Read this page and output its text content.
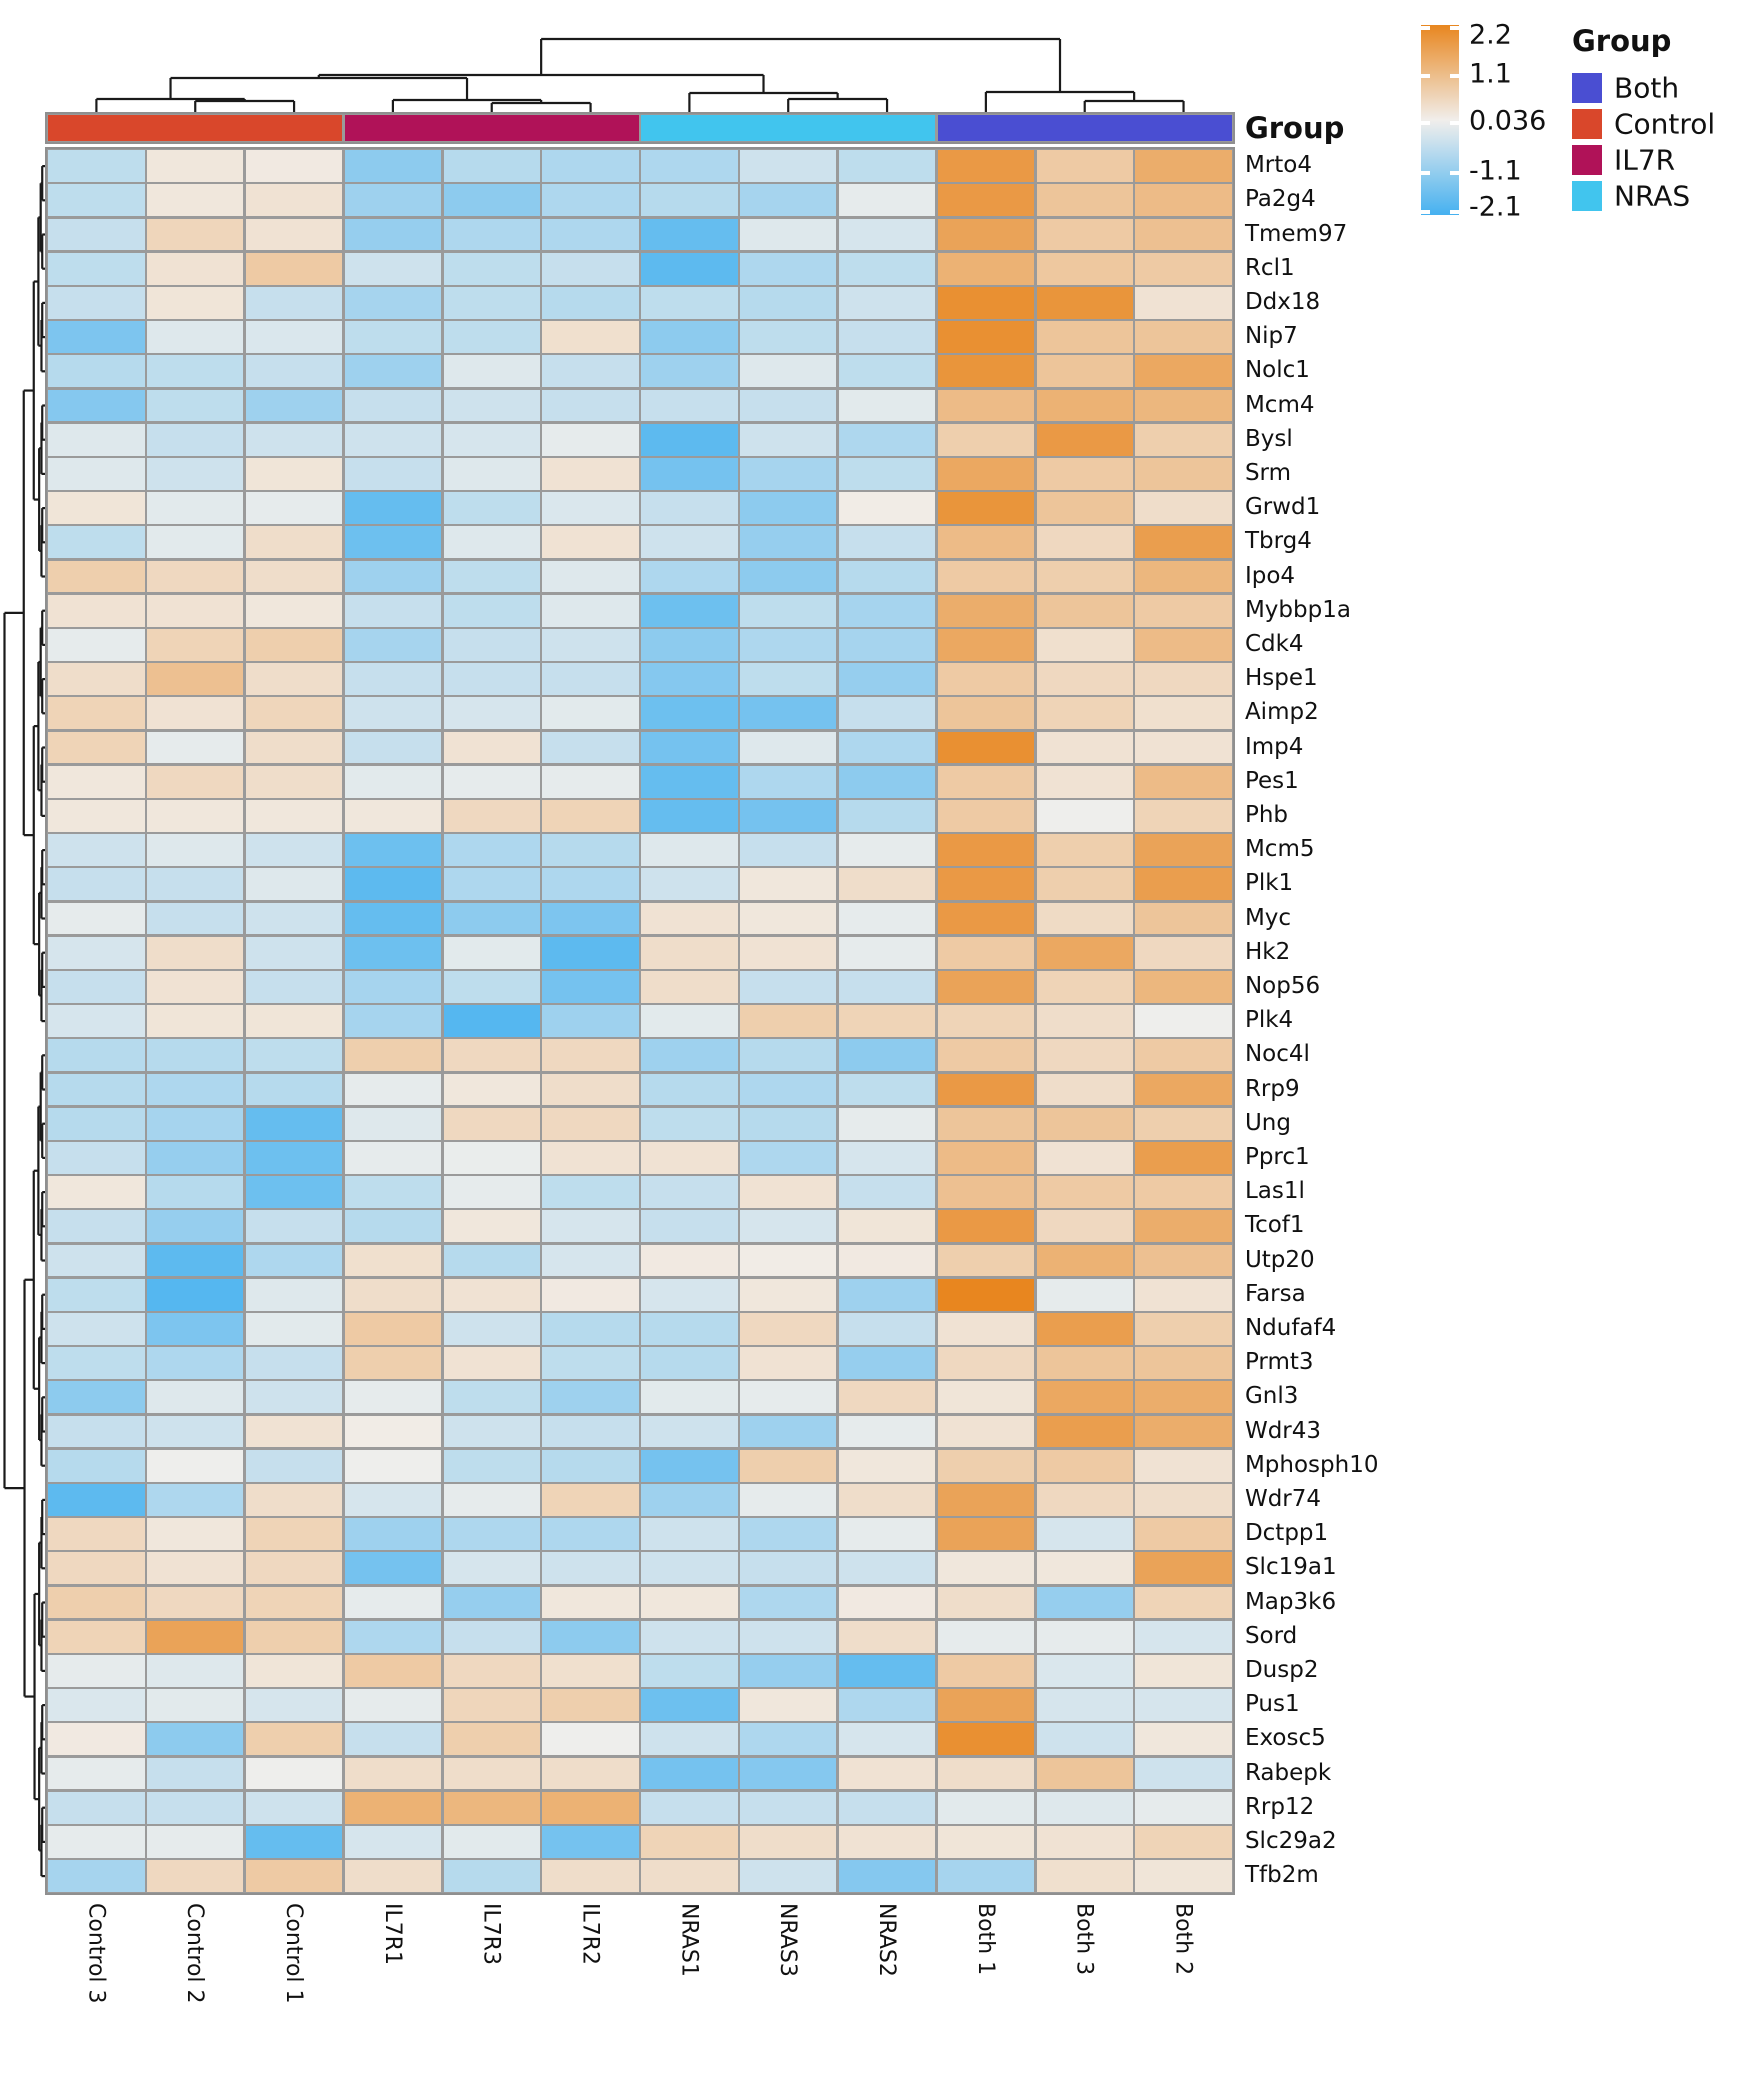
Group
Mrto4
Pa2g4
Tmem97
Rcl1
Ddx18
Nip7
Nolc1
Mcm4
Bysl
Srm
Grwd1
Tbrg4
Ipo4
Mybbp1a
Cdk4
Hspe1
Aimp2
Imp4
Pes1
Phb
Mcm5
Plk1
Myc
Hk2
Nop56
Plk4
Noc4l
Rrp9
Ung
Pprc1
Las1l
Tcof1
Utp20
Farsa
Ndufaf4
Prmt3
Gnl3
Wdr43
Mphosph10
Wdr74
Dctpp1
Slc19a1
Map3k6
Sord
Dusp2
Pus1
Exosc5
Rabepk
Rrp12
Slc29a2
Tfb2m
Control 3	Control 2	Control 1	IL7R1	IL7R3	IL7R2	NRAS1	NRAS3	NRAS2	Both 1	Both 3	Both 2
2.2
1.1
0.036
-1.1
-2.1
Group
Both
Control
IL7R
NRAS
